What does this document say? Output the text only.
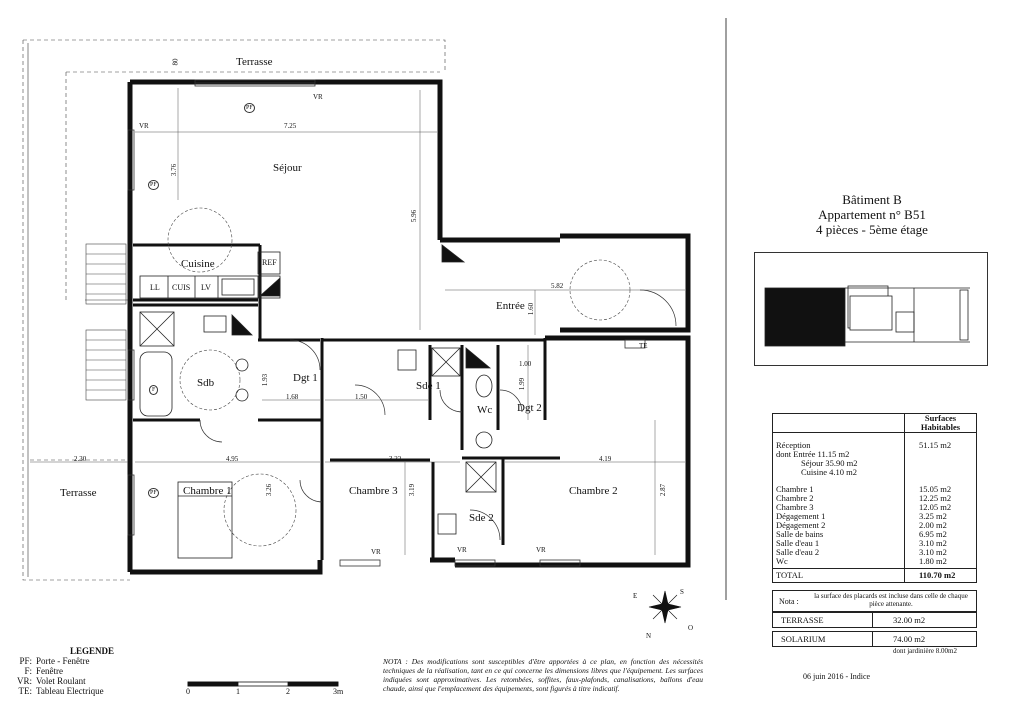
Terrasse
Séjour
Cuisine	REF
LL CUIS LV
Entrée
Sdb	Dgt 1
Sde 1
Wc Dgt 2
Chambre 1	Chambre 3	Chambre 2
Sde 2
Terrasse
80
7.25
3.76
5.96
5.82
1.60
1.00
1.99
1.93
1.68	1.50
2.30	4.95	3.22	4.19
3.19	2.87
3.26
PF
PF
PF
F
VR
VR
VR	VR	VR
TE
E	S
N
O
0	1	2	3m
LEGENDE
PF: Porte - Fenêtre
F: Fenêtre
VR: Volet Roulant
TE: Tableau Electrique
NOTA : Des modifications sont susceptibles d'être apportées à ce plan, en fonction des nécessités techniques de la réalisation, tant en ce qui concerne les dimensions libres que l'équipement. Les surfaces indiquées sont approximatives. Les retombées, soffites, faux-plafonds, canalisations, ballons d'eau chaude, ainsi que l'emplacement des équipements, sont figurés à titre indicatif.
Bâtiment B
Appartement n° B51
4 pièces - 5ème étage
	Surfaces Habitables
Réception	51.15 m2
dont Entrée 11.15 m2	
Séjour 35.90 m2	
Cuisine 4.10 m2	
Chambre 1	15.05 m2
Chambre 2	12.25 m2
Chambre 3	12.05 m2
Dégagement 1	3.25 m2
Dégagement 2	2.00 m2
Salle de bains	6.95 m2
Salle d'eau 1	3.10 m2
Salle d'eau 2	3.10 m2
Wc	1.80 m2
TOTAL	110.70 m2
Nota :
la surface des placards est incluse dans celle de chaque pièce attenante.
TERRASSE	32.00 m2
SOLARIUM	74.00 m2
dont jardinière 8.00m2
06 juin 2016 - Indice
